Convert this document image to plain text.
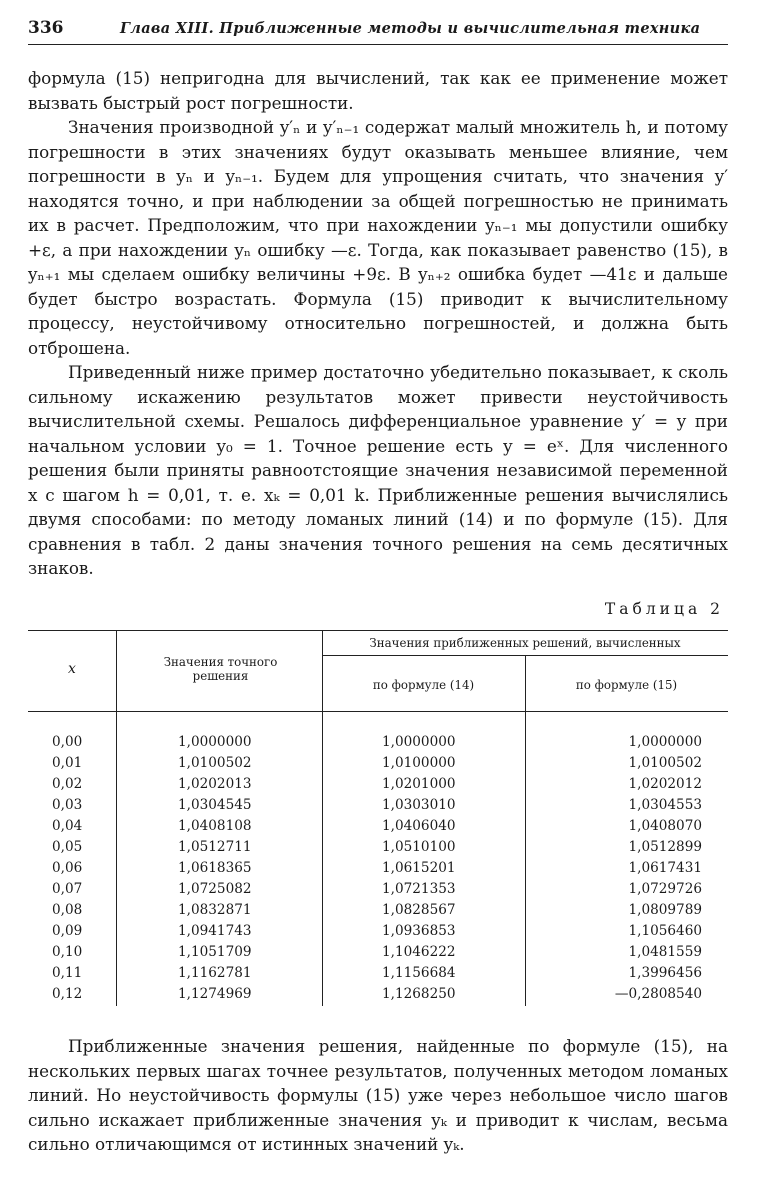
336	Глава XIII. Приближенные методы и вычислительная техника

формула (15) непригодна для вычислений, так как ее применение может вызвать быстрый рост погрешности.

Значения производной y′ₙ и y′ₙ₋₁ содержат малый множитель h, и потому погрешности в этих значениях будут оказывать меньшее влияние, чем погрешности в yₙ и yₙ₋₁. Будем для упрощения считать, что значения y′ находятся точно, и при наблюдении за общей погрешностью не принимать их в расчет. Предположим, что при нахождении yₙ₋₁ мы допустили ошибку +ε, а при нахождении yₙ ошибку —ε. Тогда, как показывает равенство (15), в yₙ₊₁ мы сделаем ошибку величины +9ε. В yₙ₊₂ ошибка будет —41ε и дальше будет быстро возрастать. Формула (15) приводит к вычислительному процессу, неустойчивому относительно погрешностей, и должна быть отброшена.

Приведенный ниже пример достаточно убедительно показывает, к сколь сильному искажению результатов может привести неустойчивость вычислительной схемы. Решалось дифференциальное уравнение y′ = y при начальном условии y₀ = 1. Точное решение есть y = eˣ. Для численного решения были приняты равноотстоящие значения независимой переменной x с шагом h = 0,01, т. е. xₖ = 0,01 k. Приближенные решения вычислялись двумя способами: по методу ломаных линий (14) и по формуле (15). Для сравнения в табл. 2 даны значения точного решения на семь десятичных знаков.

Таблица 2
x	Значения точного решения
Значения приближенных решений, вычисленных
по формуле (14)	по формуле (15)
0,00	1,0000000	1,0000000	1,0000000
0,01	1,0100502	1,0100000	1,0100502
0,02	1,0202013	1,0201000	1,0202012
0,03	1,0304545	1,0303010	1,0304553
0,04	1,0408108	1,0406040	1,0408070
0,05	1,0512711	1,0510100	1,0512899
0,06	1,0618365	1,0615201	1,0617431
0,07	1,0725082	1,0721353	1,0729726
0,08	1,0832871	1,0828567	1,0809789
0,09	1,0941743	1,0936853	1,1056460
0,10	1,1051709	1,1046222	1,0481559
0,11	1,1162781	1,1156684	1,3996456
0,12	1,1274969	1,1268250	—0,2808540

Приближенные значения решения, найденные по формуле (15), на нескольких первых шагах точнее результатов, полученных методом ломаных линий. Но неустойчивость формулы (15) уже через небольшое число шагов сильно искажает приближенные значения yₖ и приводит к числам, весьма сильно отличающимся от истинных значений yₖ.
